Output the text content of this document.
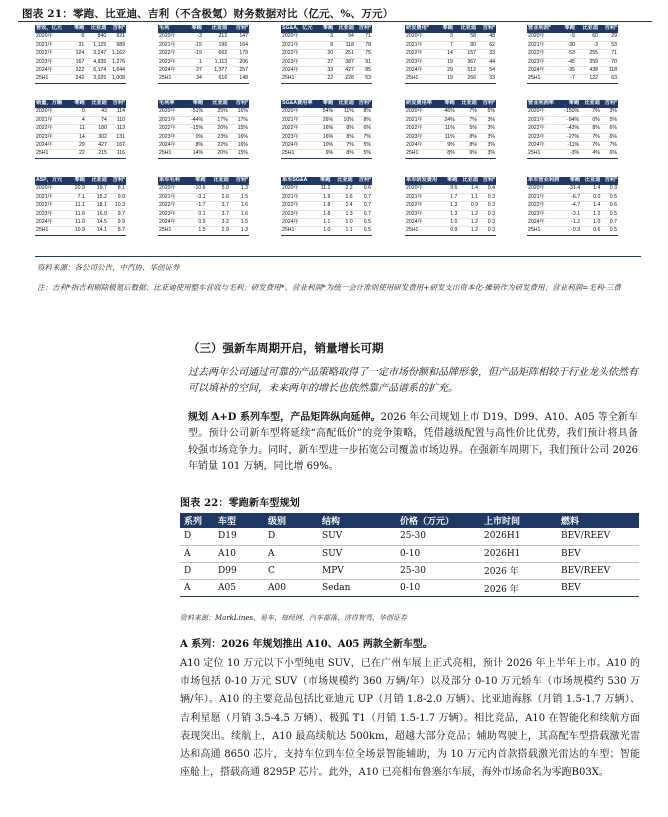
图表 21：零跑、比亚迪、吉利（不含极氪）财务数据对比（亿元、%、万元）
营收，亿元	零跑	比亚迪	吉利*
2020年	6	840	921
2021年	31	1,125	989
2022年	124	3,247	1,162
2023年	167	4,835	1,276
2024年	322	6,174	1,644
25H1	242	3,025	1,008
毛利	零跑	比亚迪	吉利*
2020年	-3	212	147
2021年	-15	196	164
2022年	-19	662	179
2023年	1	1,113	206
2024年	27	1,377	257
25H1	34	616	148
SG&A，亿元	零跑	比亚迪	吉利*
2020年	3	94	71
2021年	8	118	78
2022年	20	251	75
2023年	27	387	91
2024年	33	427	85
25H1	22	228	53
研发费用*	零跑	比亚迪	吉利*
2020年	3	58	48
2021年	7	80	62
2022年	14	157	33
2023年	19	367	44
2024年	29	512	54
25H1	19	266	33
营业利润*	零跑	比亚迪	吉利*
2020年	-9	60	29
2021年	-30	-3	53
2022年	-53	255	71
2023年	-45	359	70
2024年	-35	438	118
25H1	-7	122	63
销量，万辆	零跑	比亚迪	吉利*
2020年	0	43	114
2021年	4	74	110
2022年	11	180	113
2023年	14	302	131
2024年	29	427	167
25H1	22	215	116
毛利率	零跑	比亚迪	吉利*
2020年	-51%	25%	16%
2021年	-44%	17%	17%
2022年	-15%	20%	15%
2023年	0%	23%	16%
2024年	8%	22%	16%
25H1	14%	20%	15%
SG&A费用率	零跑	比亚迪	吉利*
2020年	54%	11%	8%
2021年	26%	10%	8%
2022年	16%	8%	6%
2023年	16%	8%	7%
2024年	10%	7%	5%
25H1	9%	8%	5%
研发费用率	零跑	比亚迪	吉利*
2020年	46%	7%	5%
2021年	24%	7%	3%
2022年	11%	5%	3%
2023年	11%	8%	3%
2024年	9%	8%	3%
25H1	8%	9%	3%
营业利润率	零跑	比亚迪	吉利*
2020年	-150%	7%	3%
2021年	-94%	0%	5%
2022年	-43%	8%	6%
2023年	-27%	7%	6%
2024年	-11%	7%	7%
25H1	-3%	4%	6%
ASP，万元	零跑	比亚迪	吉利*
2020年	20.9	19.7	8.1
2021年	7.1	15.2	9.0
2022年	11.1	18.1	10.3
2023年	11.6	16.0	9.7
2024年	11.0	14.5	9.9
25H1	10.9	14.1	8.7
单车毛利	零跑	比亚迪	吉利*
2020年	-10.6	5.0	1.3
2021年	-3.1	2.6	1.5
2022年	-1.7	3.7	1.6
2023年	0.1	3.7	1.6
2024年	0.9	3.2	1.5
25H1	1.5	2.9	1.3
单车SG&A	零跑	比亚迪	吉利*
2020年	11.2	2.2	0.6
2021年	1.9	1.6	0.7
2022年	1.8	1.4	0.7
2023年	1.8	1.3	0.7
2024年	1.1	1.0	0.5
25H1	1.0	1.1	0.5
单车研发费用	零跑	比亚迪	吉利*
2020年	9.6	1.4	0.4
2021年	1.7	1.1	0.3
2022年	1.3	0.9	0.3
2023年	1.3	1.2	0.3
2024年	1.0	1.2	0.3
25H1	0.9	1.2	0.3
单车营业利润	零跑	比亚迪	吉利*
2020年	-31.4	1.4	0.3
2021年	-6.7	0.0	0.5
2022年	-4.7	1.4	0.6
2023年	-3.1	1.2	0.5
2024年	-1.2	1.0	0.7
25H1	-0.3	0.6	0.5
资料来源：各公司公告、中汽协、华创证券
注：吉利*指吉利剔除极氪后数据；比亚迪使用整车营收与毛利；研发费用*、营业利润*为统一会计准则使用研发费用+研发支出资本化-摊销作为研发费用；营业利润=毛利-三费
（三）强新车周期开启，销量增长可期
过去两年公司通过可靠的产品策略取得了一定市场份额和品牌形象，但产品矩阵相较于行业龙头依然有可以填补的空间，未来两年的增长也依然靠产品谱系的扩充。
规划 A+D 系列车型，产品矩阵纵向延伸。2026 年公司规划上市 D19、D99、A10、A05 等全新车型。预计公司新车型将延续“高配低价”的竞争策略，凭借越级配置与高性价比优势，我们预计将具备较强市场竞争力。同时，新车型进一步拓宽公司覆盖市场边界。在强新车周期下，我们预计公司 2026 年销量 101 万辆，同比增 69%。
图表 22：零跑新车型规划
系列	车型	级别	结构	价格（万元）	上市时间	燃料
D	D19	D	SUV	25-30	2026H1	BEV/REEV
A	A10	A	SUV	0-10	2026H1	BEV
D	D99	C	MPV	25-30	2026 年	BEV/REEV
A	A05	A00	Sedan	0-10	2026 年	BEV
资料来源：MarkLines、易车、每经网、汽车部落、济得智驾、华创证券
A 系列：2026 年规划推出 A10、A05 两款全新车型。
A10 定位 10 万元以下小型纯电 SUV，已在广州车展上正式亮相，预计 2026 年上半年上市。A10 的市场包括 0-10 万元 SUV（市场规模约 360 万辆/年）以及部分 0-10 万元轿车（市场规模约 530 万辆/年）。A10 的主要竞品包括比亚迪元 UP（月销 1.8-2.0 万辆）、比亚迪海豚（月销 1.5-1.7 万辆）、吉利星愿（月销 3.5-4.5 万辆）、极狐 T1（月销 1.5-1.7 万辆）。相比竞品，A10 在智能化和续航方面表现突出。续航上，A10 最高续航达 500km，超越大部分竞品；辅助驾驶上，其高配车型搭载激光雷达和高通 8650 芯片，支持车位到车位全场景智能辅助，为 10 万元内首款搭载激光雷达的车型；智能座舱上，搭载高通 8295P 芯片。此外，A10 已亮相布鲁塞尔车展，海外市场命名为零跑B03X。
